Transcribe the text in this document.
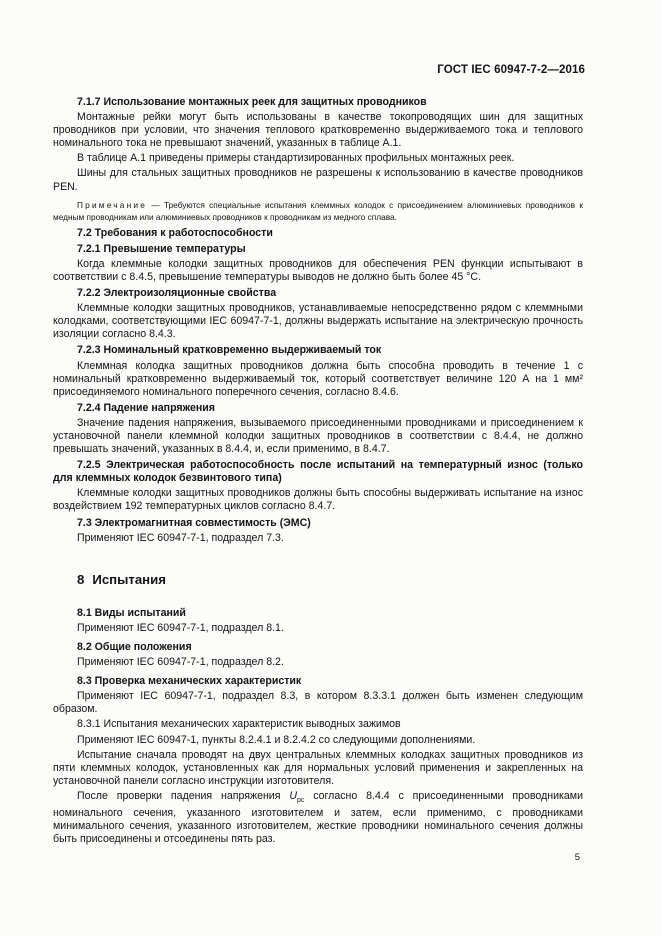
ГОСТ IEC 60947-7-2—2016
7.1.7 Использование монтажных реек для защитных проводников
Монтажные рейки могут быть использованы в качестве токопроводящих шин для защитных проводников при условии, что значения теплового кратковременно выдерживаемого тока и теплового номинального тока не превышают значений, указанных в таблице А.1.
В таблице А.1 приведены примеры стандартизированных профильных монтажных реек.
Шины для стальных защитных проводников не разрешены к использованию в качестве проводников PEN.
Примечание — Требуются специальные испытания клеммных колодок с присоединением алюминиевых проводников к медным проводникам или алюминиевых проводников к проводникам из медного сплава.
7.2 Требования к работоспособности
7.2.1 Превышение температуры
Когда клеммные колодки защитных проводников для обеспечения PEN функции испытывают в соответствии с 8.4.5, превышение температуры выводов не должно быть более 45 °С.
7.2.2 Электроизоляционные свойства
Клеммные колодки защитных проводников, устанавливаемые непосредственно рядом с клеммными колодками, соответствующими IEC 60947-7-1, должны выдержать испытание на электрическую прочность изоляции согласно 8.4.3.
7.2.3 Номинальный кратковременно выдерживаемый ток
Клеммная колодка защитных проводников должна быть способна проводить в течение 1 с номинальный кратковременно выдерживаемый ток, который соответствует величине 120 А на 1 мм² присоединяемого номинального поперечного сечения, согласно 8.4.6.
7.2.4 Падение напряжения
Значение падения напряжения, вызываемого присоединенными проводниками и присоединением к установочной панели клеммной колодки защитных проводников в соответствии с 8.4.4, не должно превышать значений, указанных в 8.4.4, и, если применимо, в 8.4.7.
7.2.5 Электрическая работоспособность после испытаний на температурный износ (только для клеммных колодок безвинтового типа)
Клеммные колодки защитных проводников должны быть способны выдерживать испытание на износ воздействием 192 температурных циклов согласно 8.4.7.
7.3 Электромагнитная совместимость (ЭМС)
Применяют IEC 60947-7-1, подраздел 7.3.
8 Испытания
8.1 Виды испытаний
Применяют IEC 60947-7-1, подраздел 8.1.
8.2 Общие положения
Применяют IEC 60947-7-1, подраздел 8.2.
8.3 Проверка механических характеристик
Применяют IEC 60947-7-1, подраздел 8.3, в котором 8.3.3.1 должен быть изменен следующим образом.
8.3.1 Испытания механических характеристик выводных зажимов
Применяют IEC 60947-1, пункты 8.2.4.1 и 8.2.4.2 со следующими дополнениями.
Испытание сначала проводят на двух центральных клеммных колодках защитных проводников из пяти клеммных колодок, установленных как для нормальных условий применения и закрепленных на установочной панели согласно инструкции изготовителя.
После проверки падения напряжения $U_{pc}$ согласно 8.4.4 с присоединенными проводниками номинального сечения, указанного изготовителем и затем, если применимо, с проводниками минимального сечения, указанного изготовителем, жесткие проводники номинального сечения должны быть присоединены и отсоединены пять раз.
5
